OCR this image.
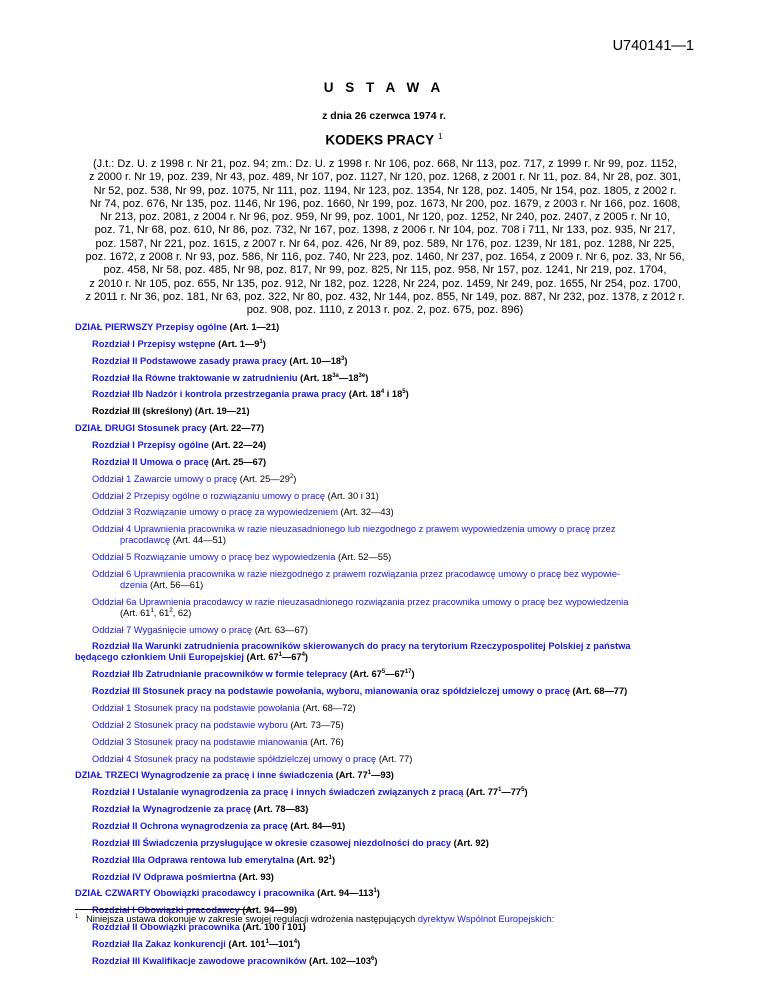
U740141—1
U S T A W A
z dnia 26 czerwca 1974 r.
KODEKS PRACY $^1$
(J.t.: Dz. U. z 1998 r. Nr 21, poz. 94; zm.: Dz. U. z 1998 r. Nr 106, poz. 668, Nr 113, poz. 717, z 1999 r. Nr 99, poz. 1152,
z 2000 r. Nr 19, poz. 239, Nr 43, poz. 489, Nr 107, poz. 1127, Nr 120, poz. 1268, z 2001 r. Nr 11, poz. 84, Nr 28, poz. 301,
Nr 52, poz. 538, Nr 99, poz. 1075, Nr 111, poz. 1194, Nr 123, poz. 1354, Nr 128, poz. 1405, Nr 154, poz. 1805, z 2002 r.
Nr 74, poz. 676, Nr 135, poz. 1146, Nr 196, poz. 1660, Nr 199, poz. 1673, Nr 200, poz. 1679, z 2003 r. Nr 166, poz. 1608,
Nr 213, poz. 2081, z 2004 r. Nr 96, poz. 959, Nr 99, poz. 1001, Nr 120, poz. 1252, Nr 240, poz. 2407, z 2005 r. Nr 10,
poz. 71, Nr 68, poz. 610, Nr 86, poz. 732, Nr 167, poz. 1398, z 2006 r. Nr 104, poz. 708 i 711, Nr 133, poz. 935, Nr 217,
poz. 1587, Nr 221, poz. 1615, z 2007 r. Nr 64, poz. 426, Nr 89, poz. 589, Nr 176, poz. 1239, Nr 181, poz. 1288, Nr 225,
poz. 1672, z 2008 r. Nr 93, poz. 586, Nr 116, poz. 740, Nr 223, poz. 1460, Nr 237, poz. 1654, z 2009 r. Nr 6, poz. 33, Nr 56,
poz. 458, Nr 58, poz. 485, Nr 98, poz. 817, Nr 99, poz. 825, Nr 115, poz. 958, Nr 157, poz. 1241, Nr 219, poz. 1704,
z 2010 r. Nr 105, poz. 655, Nr 135, poz. 912, Nr 182, poz. 1228, Nr 224, poz. 1459, Nr 249, poz. 1655, Nr 254, poz. 1700,
z 2011 r. Nr 36, poz. 181, Nr 63, poz. 322, Nr 80, poz. 432, Nr 144, poz. 855, Nr 149, poz. 887, Nr 232, poz. 1378, z 2012 r.
poz. 908, poz. 1110, z 2013 r. poz. 2, poz. 675, poz. 896)
DZIAŁ PIERWSZY Przepisy ogólne (Art. 1—21)
Rozdział I Przepisy wstępne (Art. $1—9^1$)
Rozdział II Podstawowe zasady prawa pracy (Art. $10—18^3$)
Rozdział IIa Równe traktowanie w zatrudnieniu (Art. $18^{3a}—18^{3e}$)
Rozdział IIb Nadzór i kontrola przestrzegania prawa pracy (Art. $18^4$ i $18^5$)
Rozdział III (skreślony) (Art. 19—21)
DZIAŁ DRUGI Stosunek pracy (Art. 22—77)
Rozdział I Przepisy ogólne (Art. 22—24)
Rozdział II Umowa o pracę (Art. 25—67)
Oddział 1 Zawarcie umowy o pracę (Art. $25—29^2$)
Oddział 2 Przepisy ogólne o rozwiązaniu umowy o pracę (Art. 30 i 31)
Oddział 3 Rozwiązanie umowy o pracę za wypowiedzeniem (Art. 32—43)
Oddział 4 Uprawnienia pracownika w razie nieuzasadnionego lub niezgodnego z prawem wypowiedzenia umowy o pracę przez
pracodawcę (Art. 44—51)
Oddział 5 Rozwiązanie umowy o pracę bez wypowiedzenia (Art. 52—55)
Oddział 6 Uprawnienia pracownika w razie niezgodnego z prawem rozwiązania przez pracodawcę umowy o pracę bez wypowie-
dzenia (Art. 56—61)
Oddział 6a Uprawnienia pracodawcy w razie nieuzasadnionego rozwiązania przez pracownika umowy o pracę bez wypowiedzenia
(Art. $61^1$, $61^2$, 62)
Oddział 7 Wygaśnięcie umowy o pracę (Art. 63—67)
Rozdział IIa Warunki zatrudnienia pracowników skierowanych do pracy na terytorium Rzeczypospolitej Polskiej z państwa
będącego członkiem Unii Europejskiej (Art. $67^1—67^4$)
Rozdział IIb Zatrudnianie pracowników w formie telepracy (Art. $67^5—67^{17}$)
Rozdział III Stosunek pracy na podstawie powołania, wyboru, mianowania oraz spółdzielczej umowy o pracę (Art. 68—77)
Oddział 1 Stosunek pracy na podstawie powołania (Art. 68—72)
Oddział 2 Stosunek pracy na podstawie wyboru (Art. 73—75)
Oddział 3 Stosunek pracy na podstawie mianowania (Art. 76)
Oddział 4 Stosunek pracy na podstawie spółdzielczej umowy o pracę (Art. 77)
DZIAŁ TRZECI Wynagrodzenie za pracę i inne świadczenia (Art. $77^1—93$)
Rozdział I Ustalanie wynagrodzenia za pracę i innych świadczeń związanych z pracą (Art. $77^1—77^5$)
Rozdział Ia Wynagrodzenie za pracę (Art. 78—83)
Rozdział II Ochrona wynagrodzenia za pracę (Art. 84—91)
Rozdział III Świadczenia przysługujące w okresie czasowej niezdolności do pracy (Art. 92)
Rozdział IIIa Odprawa rentowa lub emerytalna (Art. $92^1$)
Rozdział IV Odprawa pośmiertna (Art. 93)
DZIAŁ CZWARTY Obowiązki pracodawcy i pracownika (Art. $94—113^1$)
Rozdział I Obowiązki pracodawcy (Art. 94—99)
Rozdział II Obowiązki pracownika (Art. 100 i 101)
Rozdział IIa Zakaz konkurencji (Art. $101^1—101^4$)
Rozdział III Kwalifikacje zawodowe pracowników (Art. $102—103^6$)
$^1$ Niniejsza ustawa dokonuje w zakresie swojej regulacji wdrożenia następujących dyrektyw Wspólnot Europejskich:
